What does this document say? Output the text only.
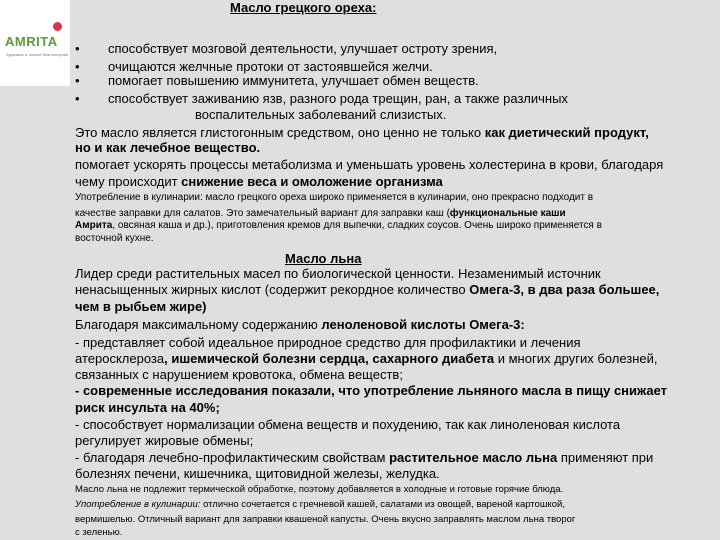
AMRITA
Здоровье и личное благополучие
Масло грецкого ореха:
• способствует мозговой деятельности, улучшает остроту зрения,
• очищаются желчные протоки от застоявшейся желчи.
• помогает повышению иммунитета, улучшает обмен веществ.
• способствует заживанию язв, разного рода трещин, ран, а также различных
воспалительных заболеваний слизистых.
Это масло является глистогонным средством, оно ценно не только как диетический продукт,
но и как лечебное вещество.
помогает ускорять процессы метаболизма и уменьшать уровень холестерина в крови, благодаря
чему происходит снижение веса и омоложение организма
Употребление в кулинарии: масло грецкого ореха широко применяется в кулинарии, оно прекрасно подходит в
качестве заправки для салатов. Это замечательный вариант для заправки каш (функциональные каши
Амрита, овсяная каша и др.), приготовления кремов для выпечки, сладких соусов. Очень широко применяется в
восточной кухне.
Масло льна
Лидер среди растительных масел по биологической ценности. Незаменимый источник
ненасыщенных жирных кислот (содержит рекордное количество Омега-3, в два раза большее,
чем в рыбьем жире)
Благодаря максимальному содержанию леноленовой кислоты Омега-3:
- представляет собой идеальное природное средство для профилактики и лечения
атеросклероза, ишемической болезни сердца, сахарного диабета и многих других болезней,
связанных с нарушением кровотока, обмена веществ;
- современные исследования показали, что употребление льняного масла в пищу снижает
риск инсульта на 40%;
- способствует нормализации обмена веществ и похудению, так как линоленовая кислота
регулирует жировые обмены;
- благодаря лечебно-профилактическим свойствам растительное масло льна применяют при
болезнях печени, кишечника, щитовидной железы, желудка.
Масло льна не подлежит термической обработке, поэтому добавляется в холодные и готовые горячие блюда.
Употребление в кулинарии: отлично сочетается с гречневой кашей, салатами из овощей, вареной картошкой,
вермишелью. Отличный вариант для заправки квашеной капусты. Очень вкусно заправлять маслом льна творог
с зеленью.
